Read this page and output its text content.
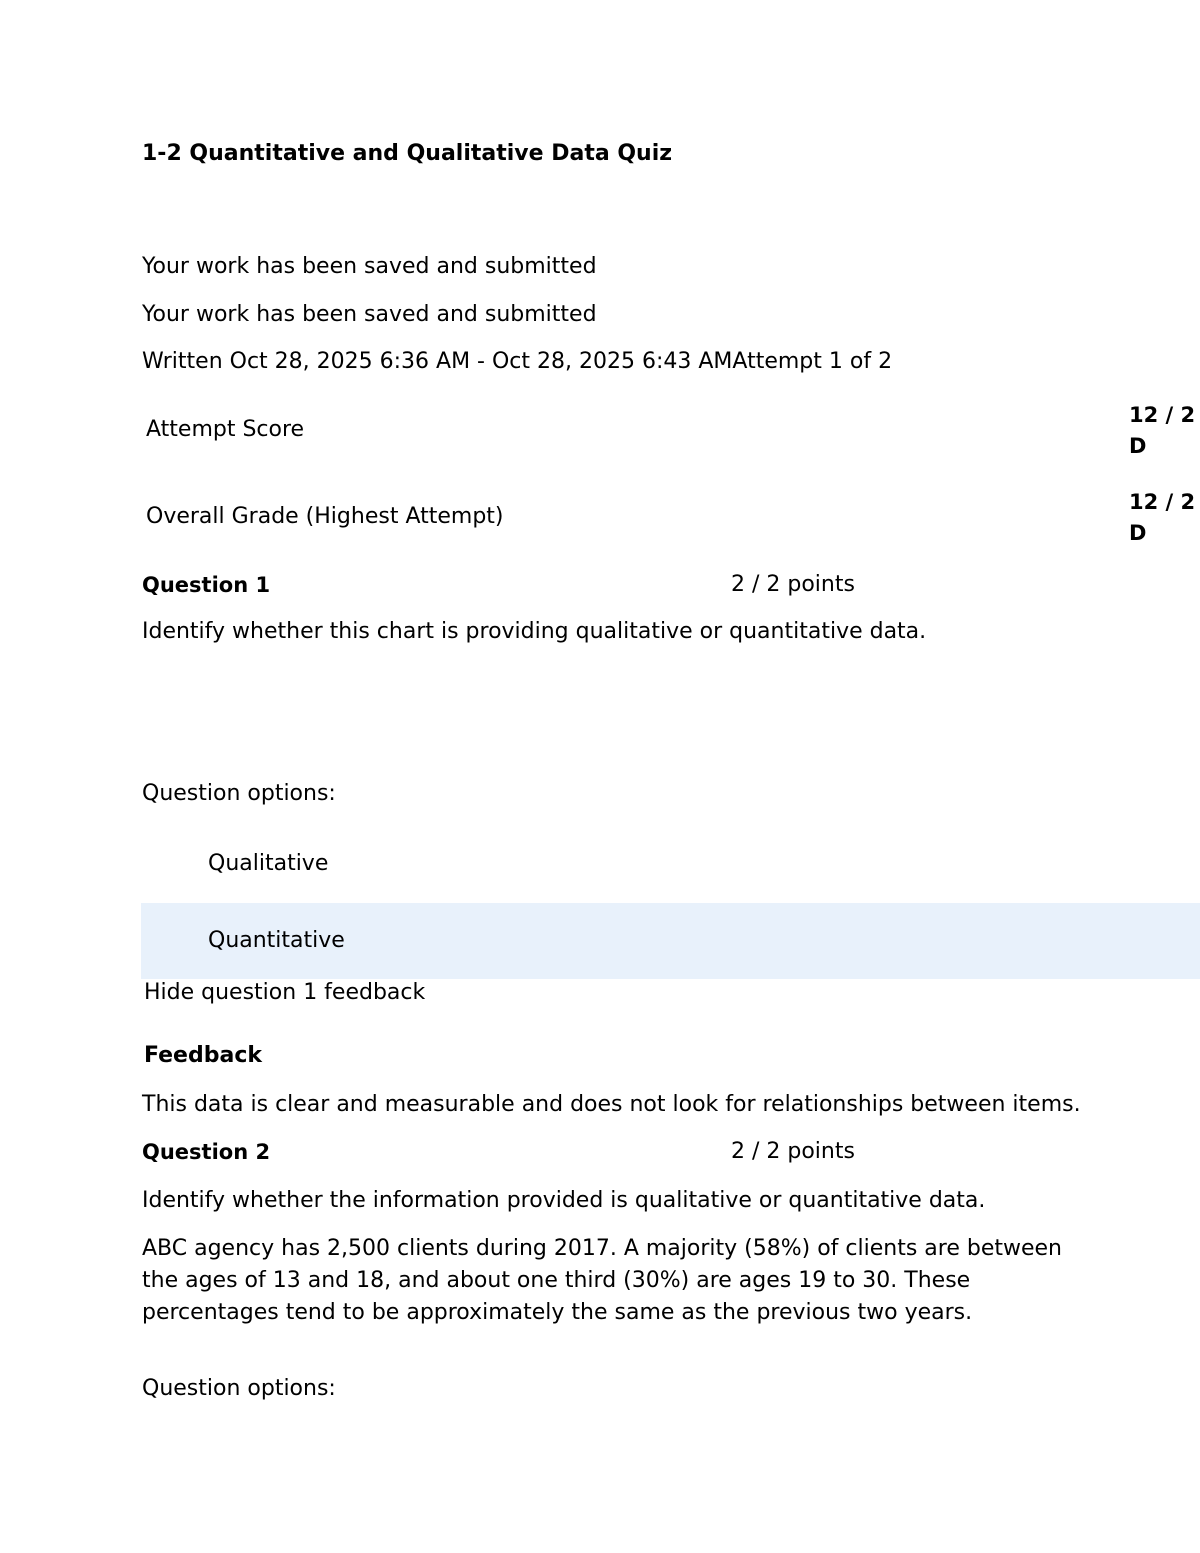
1-2 Quantitative and Qualitative Data Quiz
Your work has been saved and submitted
Your work has been saved and submitted
Written Oct 28, 2025 6:36 AM - Oct 28, 2025 6:43 AMAttempt 1 of 2
Attempt Score
12 / 2
D
Overall Grade (Highest Attempt)
12 / 2
D
Question 1	2 / 2 points
Identify whether this chart is providing qualitative or quantitative data.
Question options:
Qualitative
Quantitative
Hide question 1 feedback
Feedback
This data is clear and measurable and does not look for relationships between items.
Question 2	2 / 2 points
Identify whether the information provided is qualitative or quantitative data.
ABC agency has 2,500 clients during 2017. A majority (58%) of clients are between the ages of 13 and 18, and about one third (30%) are ages 19 to 30. These percentages tend to be approximately the same as the previous two years.
Question options:
